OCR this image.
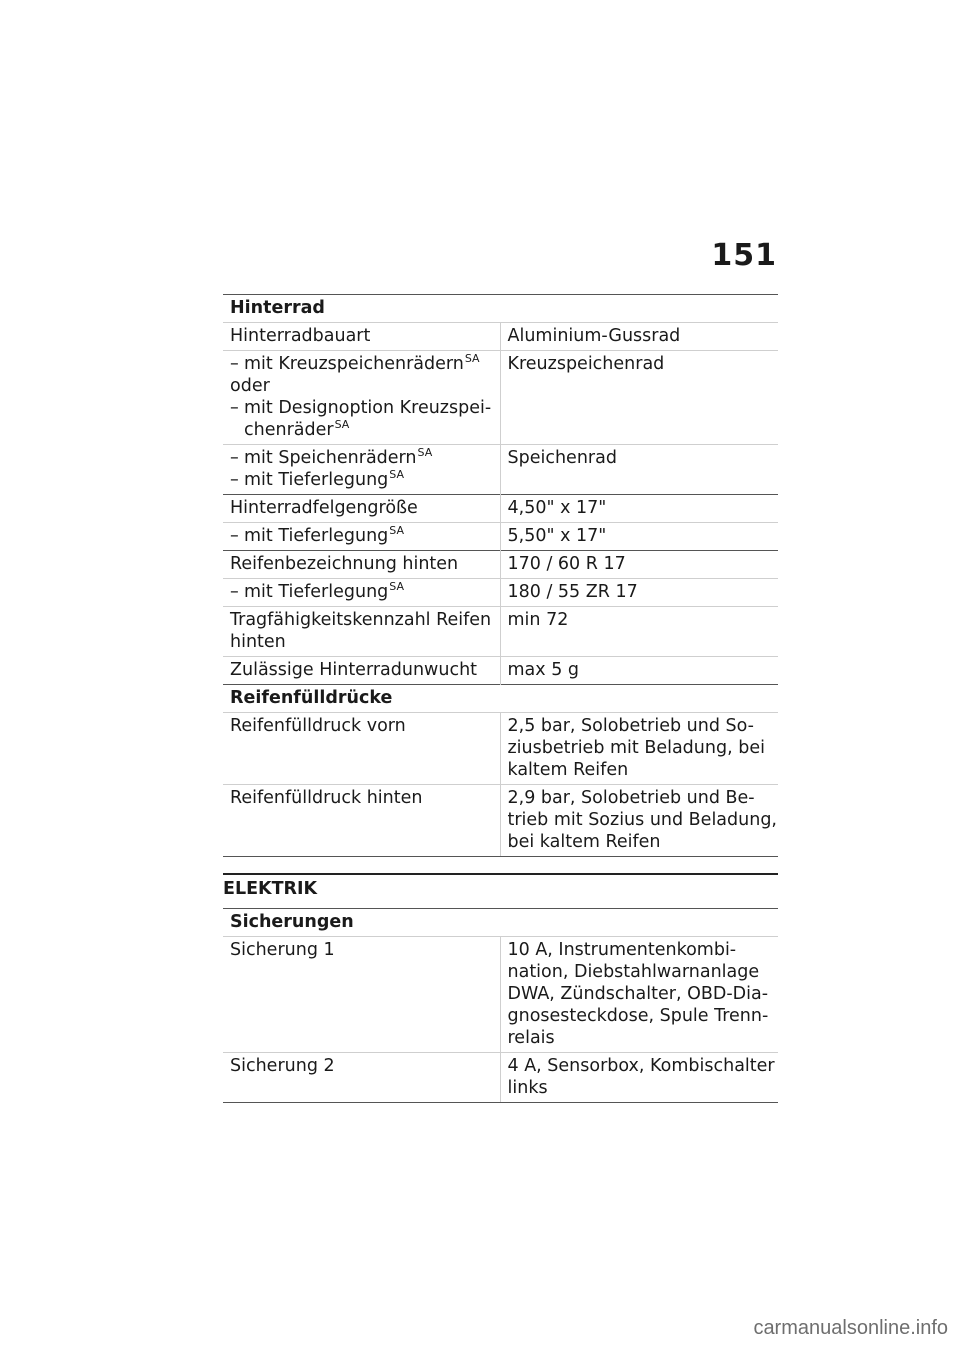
151
Hinterrad	
Hinterradbauart	Aluminium-Gussrad

– mit Kreuzspeichenrädern$^{SA}$
oder
– mit Designoption Kreuzspei-
chenräder$^{SA}$	Kreuzspeichenrad

– mit Speichenrädern$^{SA}$
– mit Tieferlegung$^{SA}$	Speichenrad
Hinterradfelgengröße	4,50" x 17"

– mit Tieferlegung$^{SA}$	5,50" x 17"
Reifenbezeichnung hinten	170 / 60 R 17

– mit Tieferlegung$^{SA}$	180 / 55 ZR 17

Tragfähigkeitskennzahl Reifen
hinten	min 72
Zulässige Hinterradunwucht	max 5 g
Reifenfülldrücke	
Reifenfülldruck vorn	2,5 bar, Solobetrieb und So-
ziusbetrieb mit Beladung, bei
kaltem Reifen

Reifenfülldruck hinten	2,9 bar, Solobetrieb und Be-
trieb mit Sozius und Beladung,
bei kaltem Reifen
ELEKTRIK
Sicherungen	
Sicherung 1	10 A, Instrumentenkombi-
nation, Diebstahlwarnanlage
DWA, Zündschalter, OBD-Dia-
gnosesteckdose, Spule Trenn-
relais

Sicherung 2	4 A, Sensorbox, Kombischalter
links
carmanualsonline.info
